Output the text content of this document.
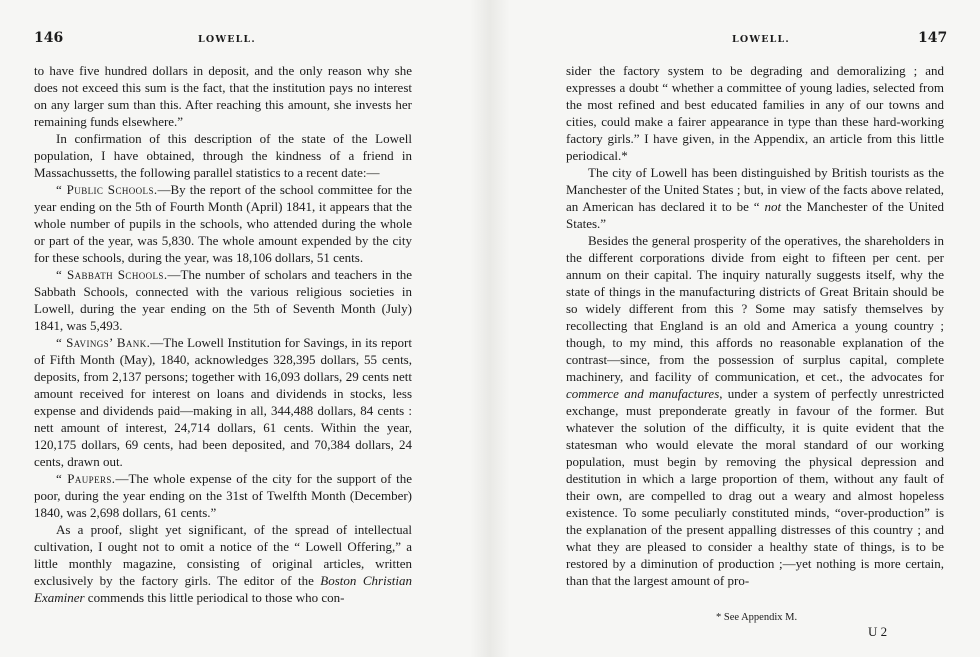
146	LOWELL.

to have five hundred dollars in deposit, and the only reason why she does not exceed this sum is the fact, that the institution pays no interest on any larger sum than this. After reaching this amount, she invests her remaining funds elsewhere.”

In confirmation of this description of the state of the Lowell population, I have obtained, through the kindness of a friend in Massachussetts, the following parallel statistics to a recent date:—

“ Public Schools.—By the report of the school committee for the year ending on the 5th of Fourth Month (April) 1841, it appears that the whole number of pupils in the schools, who attended during the whole or part of the year, was 5,830. The whole amount expended by the city for these schools, during the year, was 18,106 dollars, 51 cents.

“ Sabbath Schools.—The number of scholars and teachers in the Sabbath Schools, connected with the various religious societies in Lowell, during the year ending on the 5th of Seventh Month (July) 1841, was 5,493.

“ Savings’ Bank.—The Lowell Institution for Savings, in its report of Fifth Month (May), 1840, acknowledges 328,395 dollars, 55 cents, deposits, from 2,137 persons; together with 16,093 dollars, 29 cents nett amount received for interest on loans and dividends in stocks, less expense and dividends paid—making in all, 344,488 dollars, 84 cents : nett amount of interest, 24,714 dollars, 61 cents. Within the year, 120,175 dollars, 69 cents, had been deposited, and 70,384 dollars, 24 cents, drawn out.

“ Paupers.—The whole expense of the city for the support of the poor, during the year ending on the 31st of Twelfth Month (December) 1840, was 2,698 dollars, 61 cents.”

As a proof, slight yet significant, of the spread of intellectual cultivation, I ought not to omit a notice of the “ Lowell Offering,” a little monthly magazine, consisting of original articles, written exclusively by the factory girls. The editor of the Boston Christian Examiner commends this little periodical to those who con-

LOWELL.	147

sider the factory system to be degrading and demoralizing ; and expresses a doubt “ whether a committee of young ladies, selected from the most refined and best educated families in any of our towns and cities, could make a fairer appearance in type than these hard-working factory girls.” I have given, in the Appendix, an article from this little periodical.*

The city of Lowell has been distinguished by British tourists as the Manchester of the United States ; but, in view of the facts above related, an American has declared it to be “ not the Manchester of the United States.”

Besides the general prosperity of the operatives, the shareholders in the different corporations divide from eight to fifteen per cent. per annum on their capital. The inquiry naturally suggests itself, why the state of things in the manufacturing districts of Great Britain should be so widely different from this ? Some may satisfy themselves by recollecting that England is an old and America a young country ; though, to my mind, this affords no reasonable explanation of the contrast—since, from the possession of surplus capital, complete machinery, and facility of communication, et cet., the advocates for commerce and manufactures, under a system of perfectly unrestricted exchange, must preponderate greatly in favour of the former. But whatever the solution of the difficulty, it is quite evident that the statesman who would elevate the moral standard of our working population, must begin by removing the physical depression and destitution in which a large proportion of them, without any fault of their own, are compelled to drag out a weary and almost hopeless existence. To some peculiarly constituted minds, “over-production” is the explanation of the present appalling distresses of this country ; and what they are pleased to consider a healthy state of things, is to be restored by a diminution of production ;—yet nothing is more certain, than that the largest amount of pro-

* See Appendix M.
U 2
